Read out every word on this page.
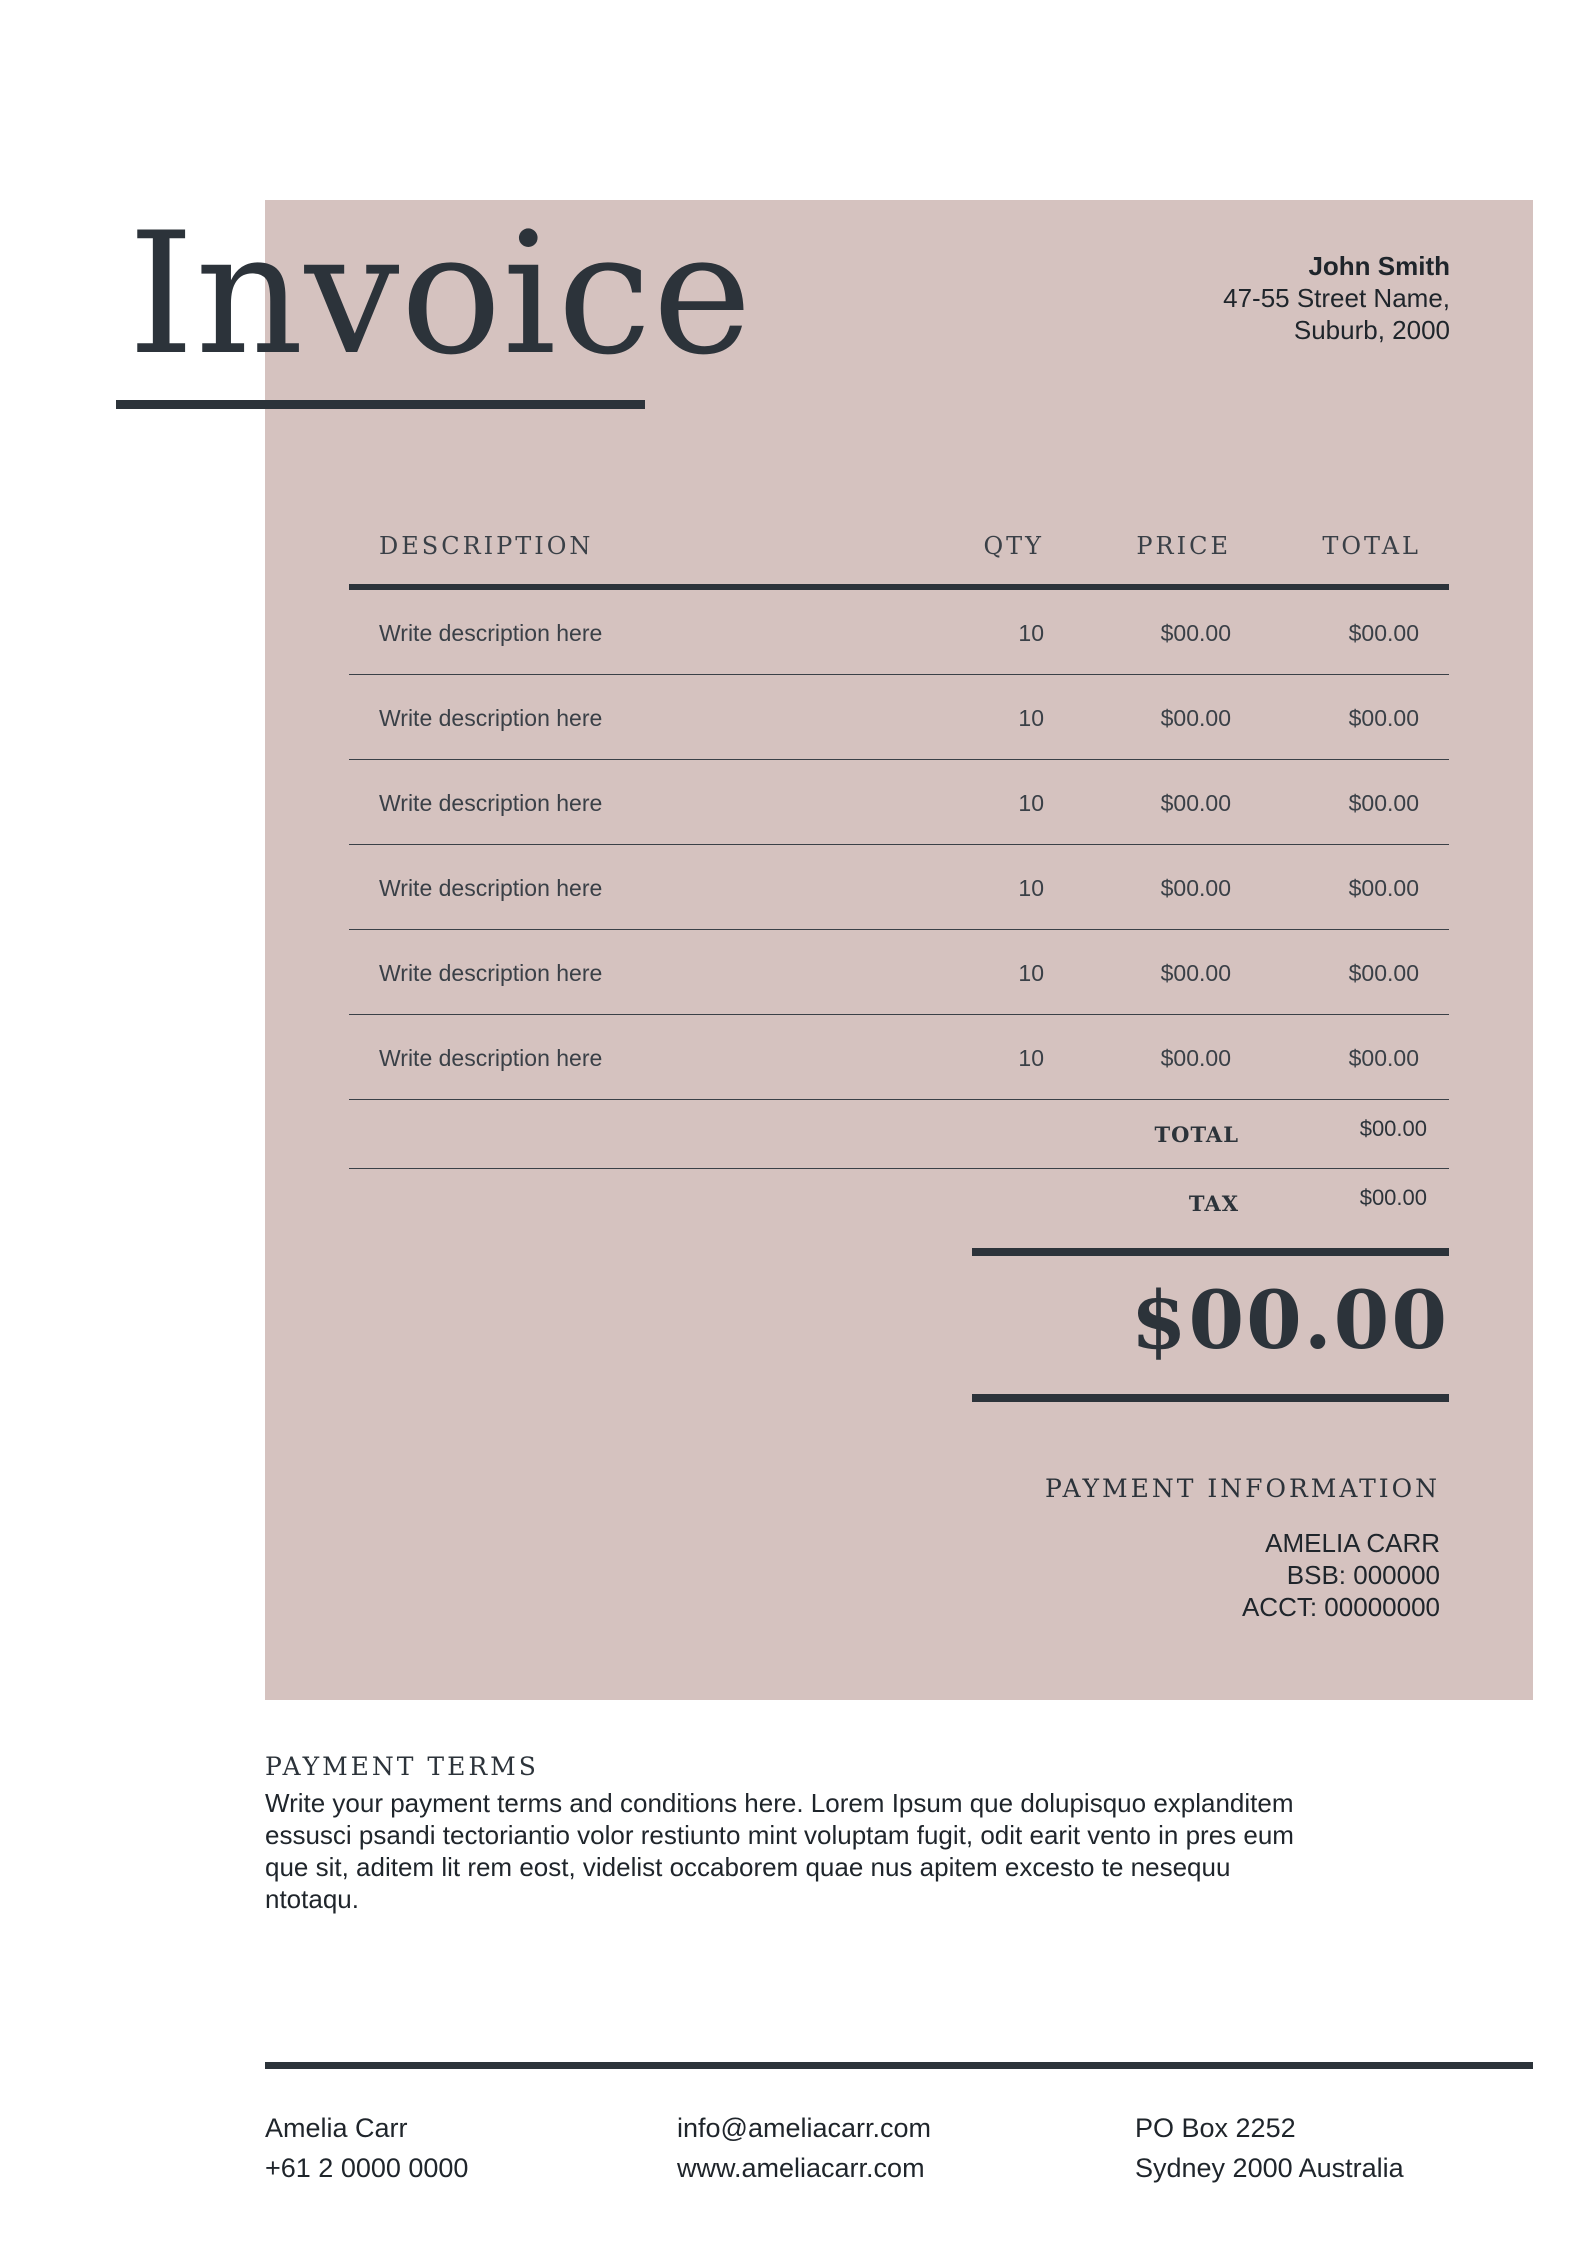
Invoice	John Smith
47-55 Street Name,
Suburb, 2000
DESCRIPTION	QTY	PRICE	TOTAL
Write description here	10	$00.00	$00.00
Write description here	10	$00.00	$00.00
Write description here	10	$00.00	$00.00
Write description here	10	$00.00	$00.00
Write description here	10	$00.00	$00.00
Write description here	10	$00.00	$00.00
TOTAL	$00.00
TAX	$00.00
$00.00
PAYMENT INFORMATION
AMELIA CARR
BSB: 000000
ACCT: 00000000
PAYMENT TERMS
Write your payment terms and conditions here. Lorem Ipsum que dolupisquo explanditem essusci psandi tectoriantio volor restiunto mint voluptam fugit, odit earit vento in pres eum que sit, aditem lit rem eost, videlist occaborem quae nus apitem excesto te nesequu ntotaqu.
Amelia Carr
+61 2 0000 0000
info@ameliacarr.com
www.ameliacarr.com
PO Box 2252
Sydney 2000 Australia
